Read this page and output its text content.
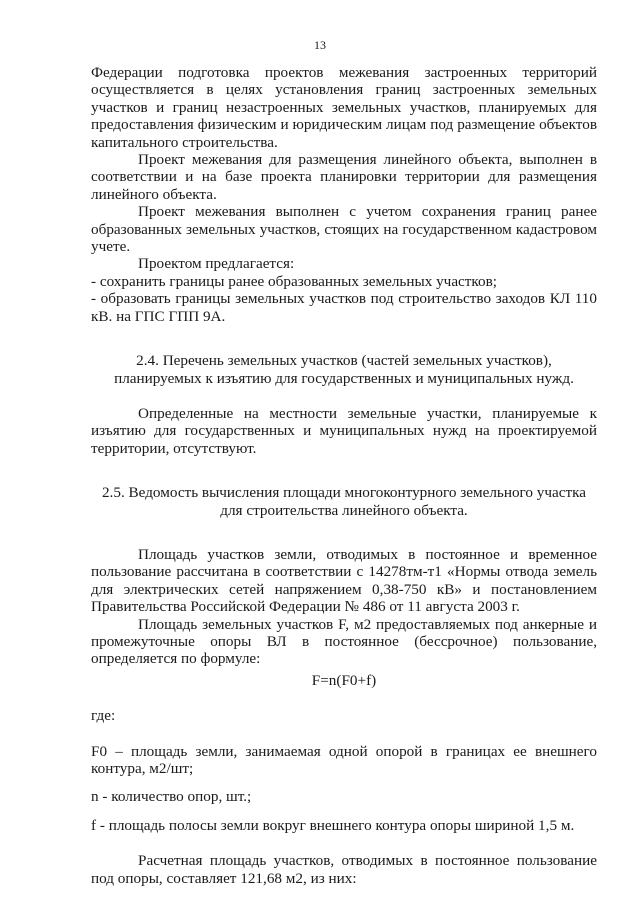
13

Федерации подготовка проектов межевания застроенных территорий осуществляется в целях установления границ застроенных земельных участков и границ незастроенных земельных участков, планируемых для предоставления физическим и юридическим лицам под размещение объектов капитального строительства.

Проект межевания для размещения линейного объекта, выполнен в соответствии и на базе проекта планировки территории для размещения линейного объекта.

Проект межевания выполнен с учетом сохранения границ ранее образованных земельных участков, стоящих на государственном кадастровом учете.

Проектом предлагается:

- сохранить границы ранее образованных земельных участков;

- образовать границы земельных участков под строительство заходов КЛ 110 кВ. на ГПС ГПП 9А.

2.4. Перечень земельных участков (частей земельных участков), планируемых к изъятию для государственных и муниципальных нужд.

Определенные на местности земельные участки, планируемые к изъятию для государственных и муниципальных нужд на проектируемой территории, отсутствуют.

2.5. Ведомость вычисления площади многоконтурного земельного участка для строительства линейного объекта.

Площадь участков земли, отводимых в постоянное и временное пользование рассчитана в соответствии с 14278тм-т1 «Нормы отвода земель для электрических сетей напряжением 0,38-750 кВ» и постановлением Правительства Российской Федерации № 486 от 11 августа 2003 г.

Площадь земельных участков F, м2 предоставляемых под анкерные и промежуточные опоры ВЛ в постоянное (бессрочное) пользование, определяется по формуле:

F=n(F0+f)

где:

F0 – площадь земли, занимаемая одной опорой в границах ее внешнего контура, м2/шт;

n - количество опор, шт.;

f - площадь полосы земли вокруг внешнего контура опоры шириной 1,5 м.

Расчетная площадь участков, отводимых в постоянное пользование под опоры, составляет 121,68 м2, из них:
